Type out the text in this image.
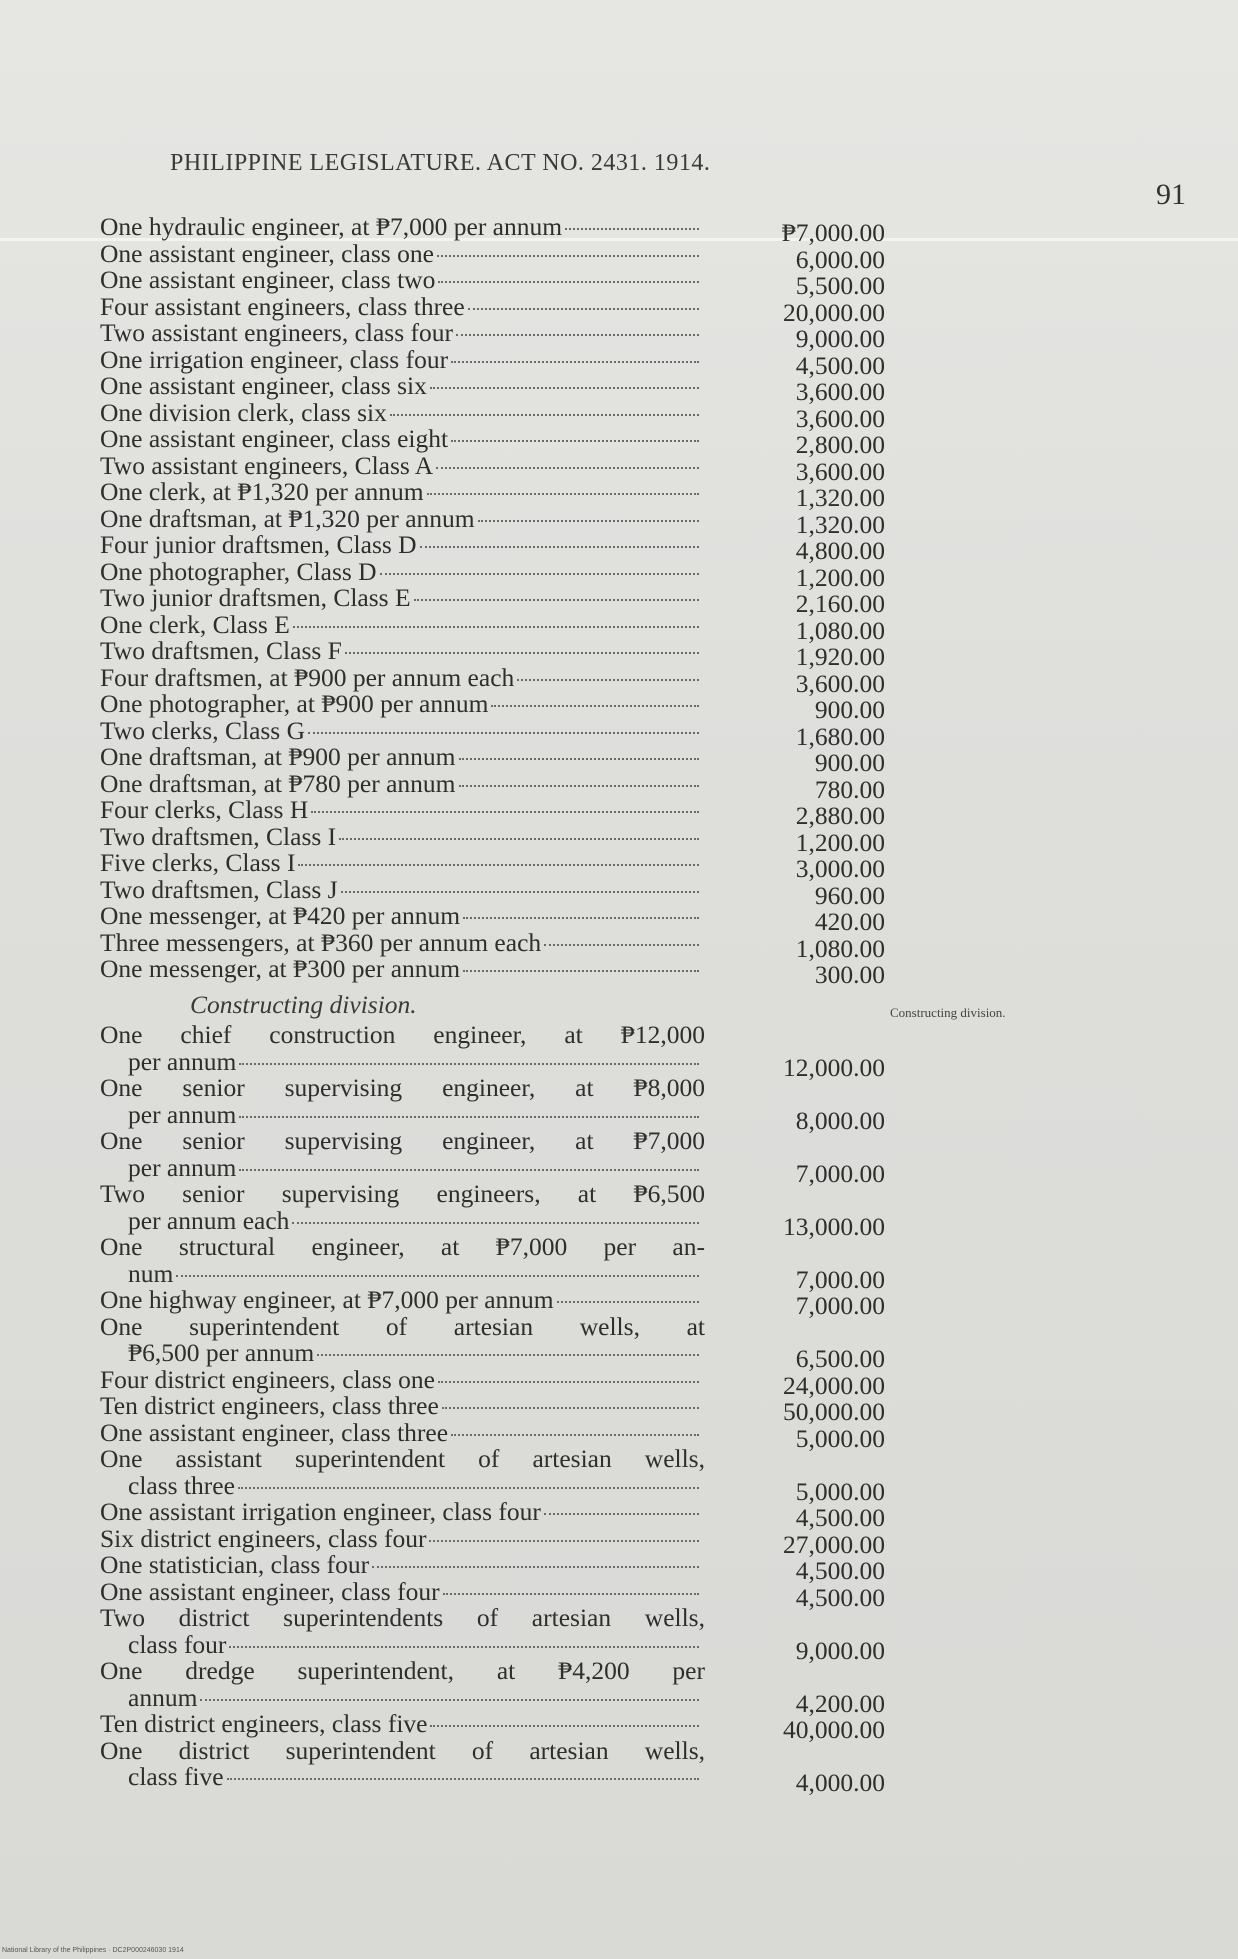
PHILIPPINE LEGISLATURE. ACT NO. 2431. 1914.
91
One hydraulic engineer, at ₱7,000 per annum	₱7,000.00
One assistant engineer, class one	6,000.00
One assistant engineer, class two	5,500.00
Four assistant engineers, class three	20,000.00
Two assistant engineers, class four	9,000.00
One irrigation engineer, class four	4,500.00
One assistant engineer, class six	3,600.00
One division clerk, class six	3,600.00
One assistant engineer, class eight	2,800.00
Two assistant engineers, Class A	3,600.00
One clerk, at ₱1,320 per annum	1,320.00
One draftsman, at ₱1,320 per annum	1,320.00
Four junior draftsmen, Class D	4,800.00
One photographer, Class D	1,200.00
Two junior draftsmen, Class E	2,160.00
One clerk, Class E	1,080.00
Two draftsmen, Class F	1,920.00
Four draftsmen, at ₱900 per annum each	3,600.00
One photographer, at ₱900 per annum	900.00
Two clerks, Class G	1,680.00
One draftsman, at ₱900 per annum	900.00
One draftsman, at ₱780 per annum	780.00
Four clerks, Class H	2,880.00
Two draftsmen, Class I	1,200.00
Five clerks, Class I	3,000.00
Two draftsmen, Class J	960.00
One messenger, at ₱420 per annum	420.00
Three messengers, at ₱360 per annum each	1,080.00
One messenger, at ₱300 per annum	300.00
Constructing division.	Constructing division.
One chief construction engineer, at ₱12,000
per annum	12,000.00
One senior supervising engineer, at ₱8,000
per annum	8,000.00
One senior supervising engineer, at ₱7,000
per annum	7,000.00
Two senior supervising engineers, at ₱6,500
per annum each	13,000.00
One structural engineer, at ₱7,000 per an-
num	7,000.00
One highway engineer, at ₱7,000 per annum	7,000.00
One superintendent of artesian wells, at
₱6,500 per annum	6,500.00
Four district engineers, class one	24,000.00
Ten district engineers, class three	50,000.00
One assistant engineer, class three	5,000.00
One assistant superintendent of artesian wells,
class three	5,000.00
One assistant irrigation engineer, class four	4,500.00
Six district engineers, class four	27,000.00
One statistician, class four	4,500.00
One assistant engineer, class four	4,500.00
Two district superintendents of artesian wells,
class four	9,000.00
One dredge superintendent, at ₱4,200 per
annum	4,200.00
Ten district engineers, class five	40,000.00
One district superintendent of artesian wells,
class five	4,000.00
National Library of the Philippines · DC2P000246030 1914
